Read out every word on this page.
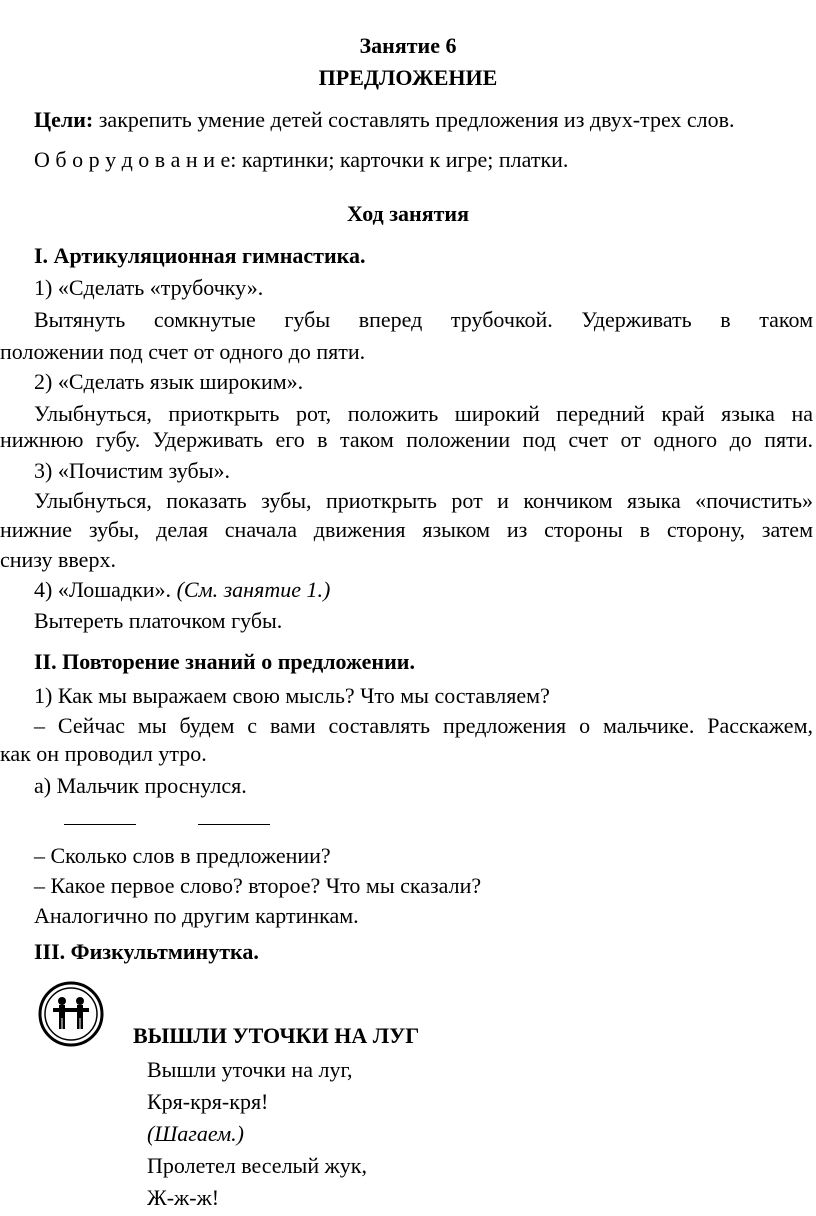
Занятие 6
ПРЕДЛОЖЕНИЕ
Цели: закрепить умение детей составлять предложения из двух-трех слов.
О б о р у д о в а н и е: картинки; карточки к игре; платки.
Ход занятия
I. Артикуляционная гимнастика.
1) «Сделать «трубочку».
Вытянуть сомкнутые губы вперед трубочкой. Удерживать в таком
положении под счет от одного до пяти.
2) «Сделать язык широким».
Улыбнуться, приоткрыть рот, положить широкий передний край языка на
нижнюю губу. Удерживать его в таком положении под счет от одного до пяти.
3) «Почистим зубы».
Улыбнуться, показать зубы, приоткрыть рот и кончиком языка «почистить»
нижние зубы, делая сначала движения языком из стороны в сторону, затем
снизу вверх.
4) «Лошадки». (См. занятие 1.)
Вытереть платочком губы.
II. Повторение знаний о предложении.
1) Как мы выражаем свою мысль? Что мы составляем?
– Сейчас мы будем с вами составлять предложения о мальчике. Расскажем,
как он проводил утро.
а) Мальчик проснулся.
– Сколько слов в предложении?
– Какое первое слово? второе? Что мы сказали?
Аналогично по другим картинкам.
III. Физкультминутка.
ВЫШЛИ УТОЧКИ НА ЛУГ
Вышли уточки на луг,
Кря-кря-кря!
(Шагаем.)
Пролетел веселый жук,
Ж-ж-ж!
